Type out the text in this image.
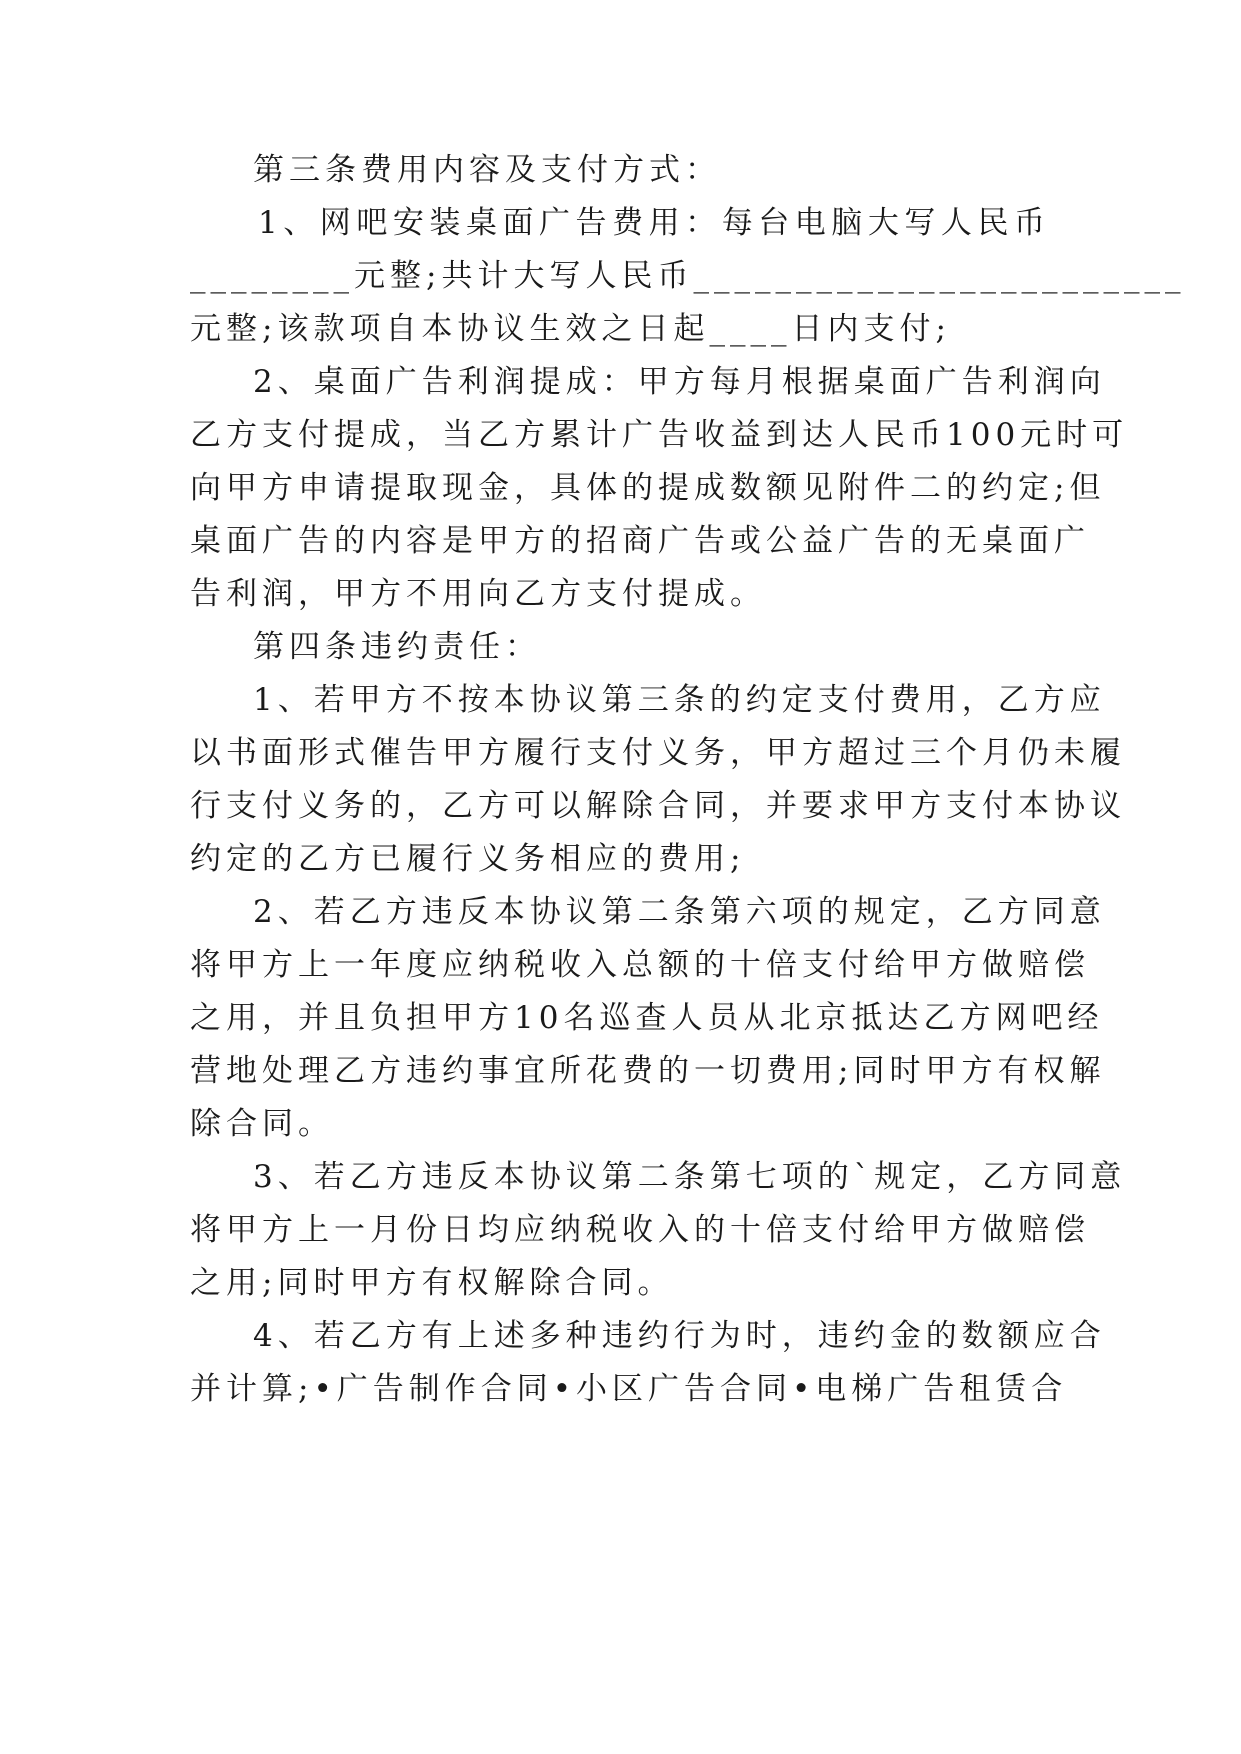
第三条费用内容及支付方式：
1、网吧安装桌面广告费用：每台电脑大写人民币
________元整;共计大写人民币________________________
元整;该款项自本协议生效之日起____日内支付;
2、桌面广告利润提成：甲方每月根据桌面广告利润向
乙方支付提成，当乙方累计广告收益到达人民币100元时可
向甲方申请提取现金，具体的提成数额见附件二的约定;但
桌面广告的内容是甲方的招商广告或公益广告的无桌面广
告利润，甲方不用向乙方支付提成。
第四条违约责任：
1、若甲方不按本协议第三条的约定支付费用，乙方应
以书面形式催告甲方履行支付义务，甲方超过三个月仍未履
行支付义务的，乙方可以解除合同，并要求甲方支付本协议
约定的乙方已履行义务相应的费用;
2、若乙方违反本协议第二条第六项的规定，乙方同意
将甲方上一年度应纳税收入总额的十倍支付给甲方做赔偿
之用，并且负担甲方10名巡查人员从北京抵达乙方网吧经
营地处理乙方违约事宜所花费的一切费用;同时甲方有权解
除合同。
3、若乙方违反本协议第二条第七项的`规定，乙方同意
将甲方上一月份日均应纳税收入的十倍支付给甲方做赔偿
之用;同时甲方有权解除合同。
4、若乙方有上述多种违约行为时，违约金的数额应合
并计算;•广告制作合同•小区广告合同•电梯广告租赁合
